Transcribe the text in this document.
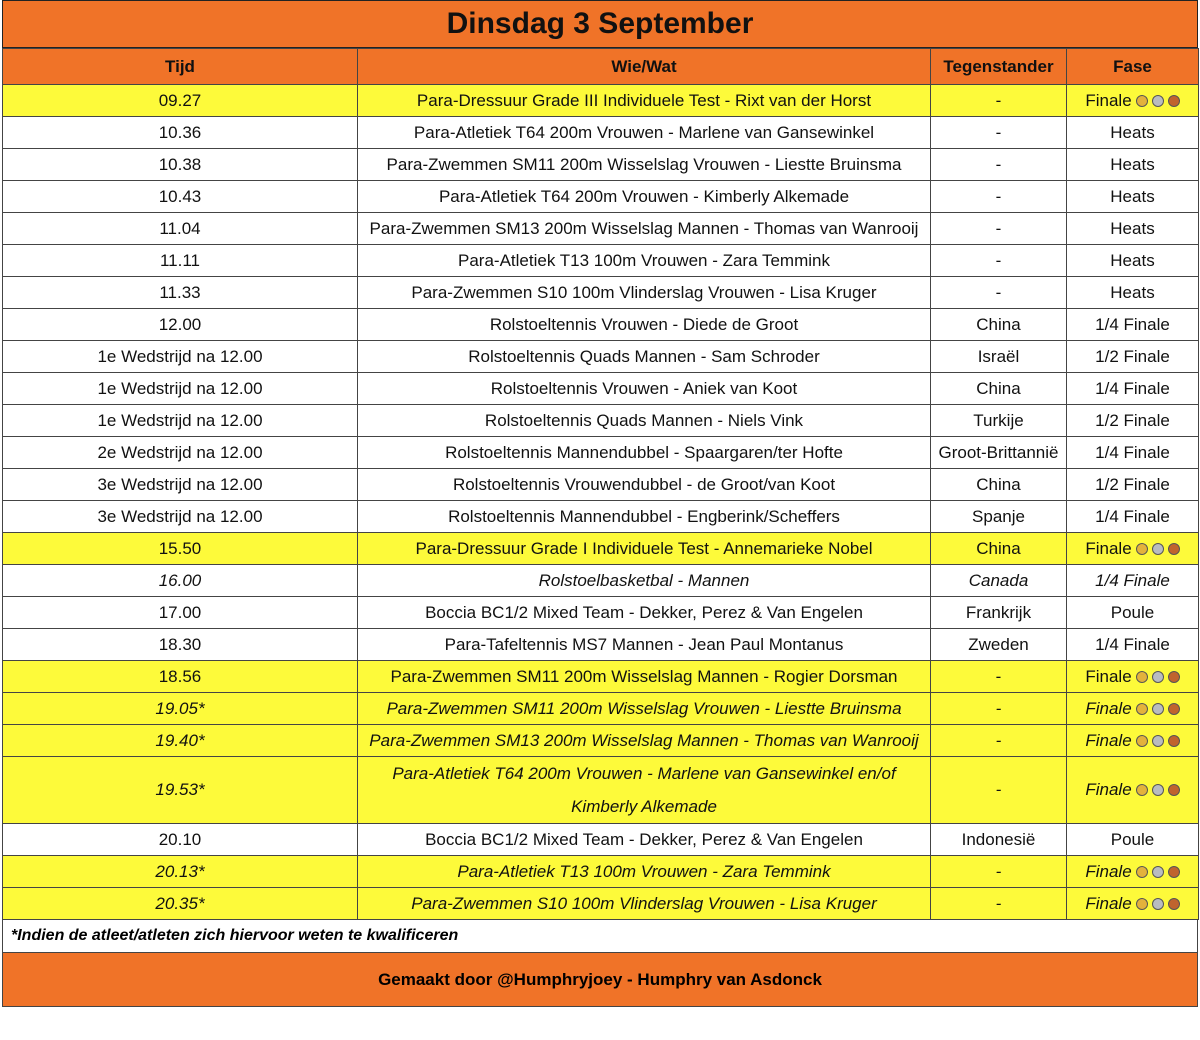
Dinsdag 3 September
Tijd	Wie/Wat	Tegenstander	Fase
09.27	Para-Dressuur Grade III Individuele Test - Rixt van der Horst	-	Finale
10.36	Para-Atletiek T64 200m Vrouwen - Marlene van Gansewinkel	-	Heats
10.38	Para-Zwemmen SM11 200m Wisselslag Vrouwen - Liestte Bruinsma	-	Heats
10.43	Para-Atletiek T64 200m Vrouwen - Kimberly Alkemade	-	Heats
11.04	Para-Zwemmen SM13 200m Wisselslag Mannen - Thomas van Wanrooij	-	Heats
11.11	Para-Atletiek T13 100m Vrouwen - Zara Temmink	-	Heats
11.33	Para-Zwemmen S10 100m Vlinderslag Vrouwen - Lisa Kruger	-	Heats
12.00	Rolstoeltennis Vrouwen - Diede de Groot	China	1/4 Finale
1e Wedstrijd na 12.00	Rolstoeltennis Quads Mannen - Sam Schroder	Israël	1/2 Finale
1e Wedstrijd na 12.00	Rolstoeltennis Vrouwen - Aniek van Koot	China	1/4 Finale
1e Wedstrijd na 12.00	Rolstoeltennis Quads Mannen - Niels Vink	Turkije	1/2 Finale
2e Wedstrijd na 12.00	Rolstoeltennis Mannendubbel - Spaargaren/ter Hofte	Groot-Brittannië	1/4 Finale
3e Wedstrijd na 12.00	Rolstoeltennis Vrouwendubbel - de Groot/van Koot	China	1/2 Finale
3e Wedstrijd na 12.00	Rolstoeltennis Mannendubbel - Engberink/Scheffers	Spanje	1/4 Finale
15.50	Para-Dressuur Grade I Individuele Test - Annemarieke Nobel	China	Finale
16.00	Rolstoelbasketbal - Mannen	Canada	1/4 Finale
17.00	Boccia BC1/2 Mixed Team - Dekker, Perez & Van Engelen	Frankrijk	Poule
18.30	Para-Tafeltennis MS7 Mannen - Jean Paul Montanus	Zweden	1/4 Finale
18.56	Para-Zwemmen SM11 200m Wisselslag Mannen - Rogier Dorsman	-	Finale
19.05*	Para-Zwemmen SM11 200m Wisselslag Vrouwen - Liestte Bruinsma	-	Finale
19.40*	Para-Zwemmen SM13 200m Wisselslag Mannen - Thomas van Wanrooij	-	Finale
19.53*	Para-Atletiek T64 200m Vrouwen - Marlene van Gansewinkel en/of Kimberly Alkemade	-	Finale
20.10	Boccia BC1/2 Mixed Team - Dekker, Perez & Van Engelen	Indonesië	Poule
20.13*	Para-Atletiek T13 100m Vrouwen - Zara Temmink	-	Finale
20.35*	Para-Zwemmen S10 100m Vlinderslag Vrouwen - Lisa Kruger	-	Finale
*Indien de atleet/atleten zich hiervoor weten te kwalificeren
Gemaakt door @Humphryjoey - Humphry van Asdonck
